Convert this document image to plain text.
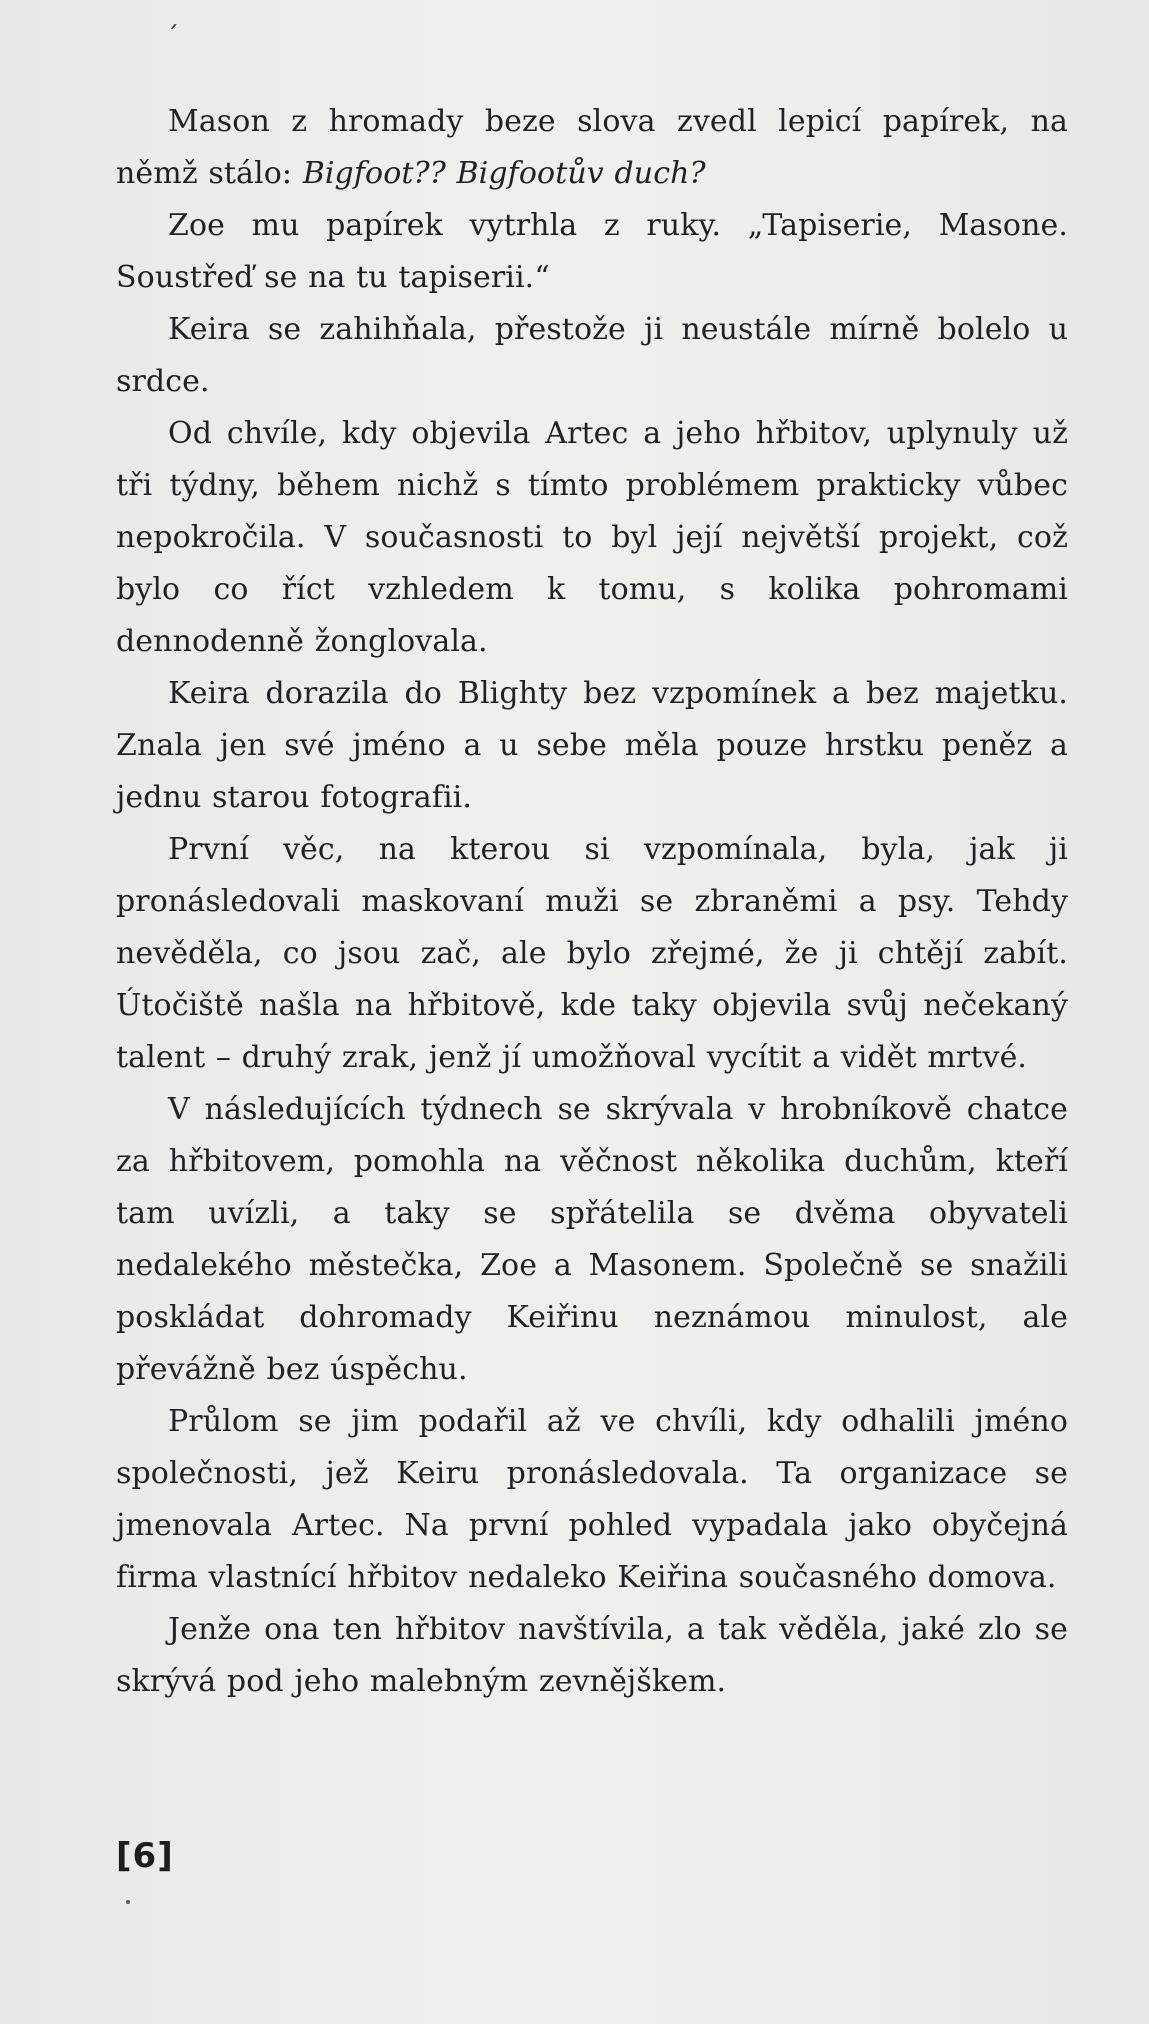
´

Mason z hromady beze slova zvedl lepicí papírek, na němž stálo: Bigfoot?? Bigfootův duch?

Zoe mu papírek vytrhla z ruky. „Tapiserie, Masone. Soustřeď se na tu tapiserii.“

Keira se zahihňala, přestože ji neustále mírně bolelo u srdce.

Od chvíle, kdy objevila Artec a jeho hřbitov, uplynuly už tři týdny, během nichž s tímto problémem prakticky vůbec nepokročila. V současnosti to byl její největší projekt, což bylo co říct vzhledem k tomu, s kolika pohromami dennodenně žonglovala.

Keira dorazila do Blighty bez vzpomínek a bez majetku. Znala jen své jméno a u sebe měla pouze hrstku peněz a jednu starou fotografii.

První věc, na kterou si vzpomínala, byla, jak ji pronásledovali maskovaní muži se zbraněmi a psy. Tehdy nevěděla, co jsou zač, ale bylo zřejmé, že ji chtějí zabít. Útočiště našla na hřbitově, kde taky objevila svůj nečekaný talent – druhý zrak, jenž jí umožňoval vycítit a vidět mrtvé.

V následujících týdnech se skrývala v hrobníkově chatce za hřbitovem, pomohla na věčnost několika duchům, kteří tam uvízli, a taky se spřátelila se dvěma obyvateli nedalekého městečka, Zoe a Masonem. Společně se snažili poskládat dohromady Keiřinu neznámou minulost, ale převážně bez úspěchu.

Průlom se jim podařil až ve chvíli, kdy odhalili jméno společnosti, jež Keiru pronásledovala. Ta organizace se jmenovala Artec. Na první pohled vypadala jako obyčejná firma vlastnící hřbitov nedaleko Keiřina současného domova.

Jenže ona ten hřbitov navštívila, a tak věděla, jaké zlo se skrývá pod jeho malebným zevnějškem.

[6]
